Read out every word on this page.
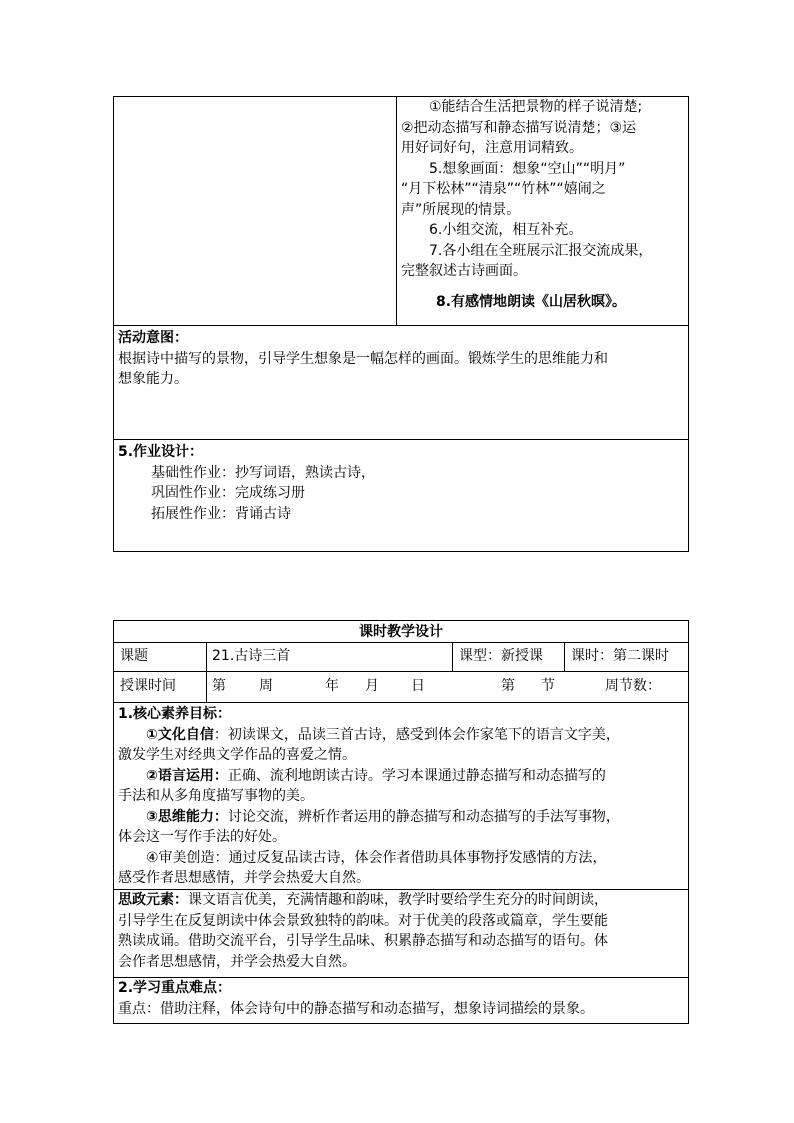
①能结合生活把景物的样子说清楚;

②把动态描写和静态描写说清楚；③运

用好词好句，注意用词精致。

5.想象画面：想象“空山”“明月”

“月下松林”“清泉”“竹林”“嬉闹之

声”所展现的情景。

6.小组交流，相互补充。

7.各小组在全班展示汇报交流成果，

完整叙述古诗画面。

8.有感情地朗读《山居秋暝》。

活动意图：

根据诗中描写的景物，引导学生想象是一幅怎样的画面。锻炼学生的思维能力和

想象能力。

5.作业设计：

基础性作业：抄写词语，熟读古诗，

巩固性作业：完成练习册

拓展性作业：背诵古诗

课时教学设计
课题	21.古诗三首	课型：新授课 课时：第二课时
授课时间	第 周	年 月 日	第 节	周节数：

1.核心素养目标：

①文化自信：初读课文，品读三首古诗，感受到体会作家笔下的语言文字美，

激发学生对经典文学作品的喜爱之情。

②语言运用：正确、流利地朗读古诗。学习本课通过静态描写和动态描写的

手法和从多角度描写事物的美。

③思维能力：讨论交流，辨析作者运用的静态描写和动态描写的手法写事物，

体会这一写作手法的好处。

④审美创造：通过反复品读古诗，体会作者借助具体事物抒发感情的方法，

感受作者思想感情，并学会热爱大自然。

思政元素：课文语言优美，充满情趣和韵味，教学时要给学生充分的时间朗读，

引导学生在反复朗读中体会景致独特的韵味。对于优美的段落或篇章，学生要能

熟读成诵。借助交流平台，引导学生品味、积累静态描写和动态描写的语句。体

会作者思想感情，并学会热爱大自然。

2.学习重点难点：

重点：借助注释，体会诗句中的静态描写和动态描写，想象诗词描绘的景象。
